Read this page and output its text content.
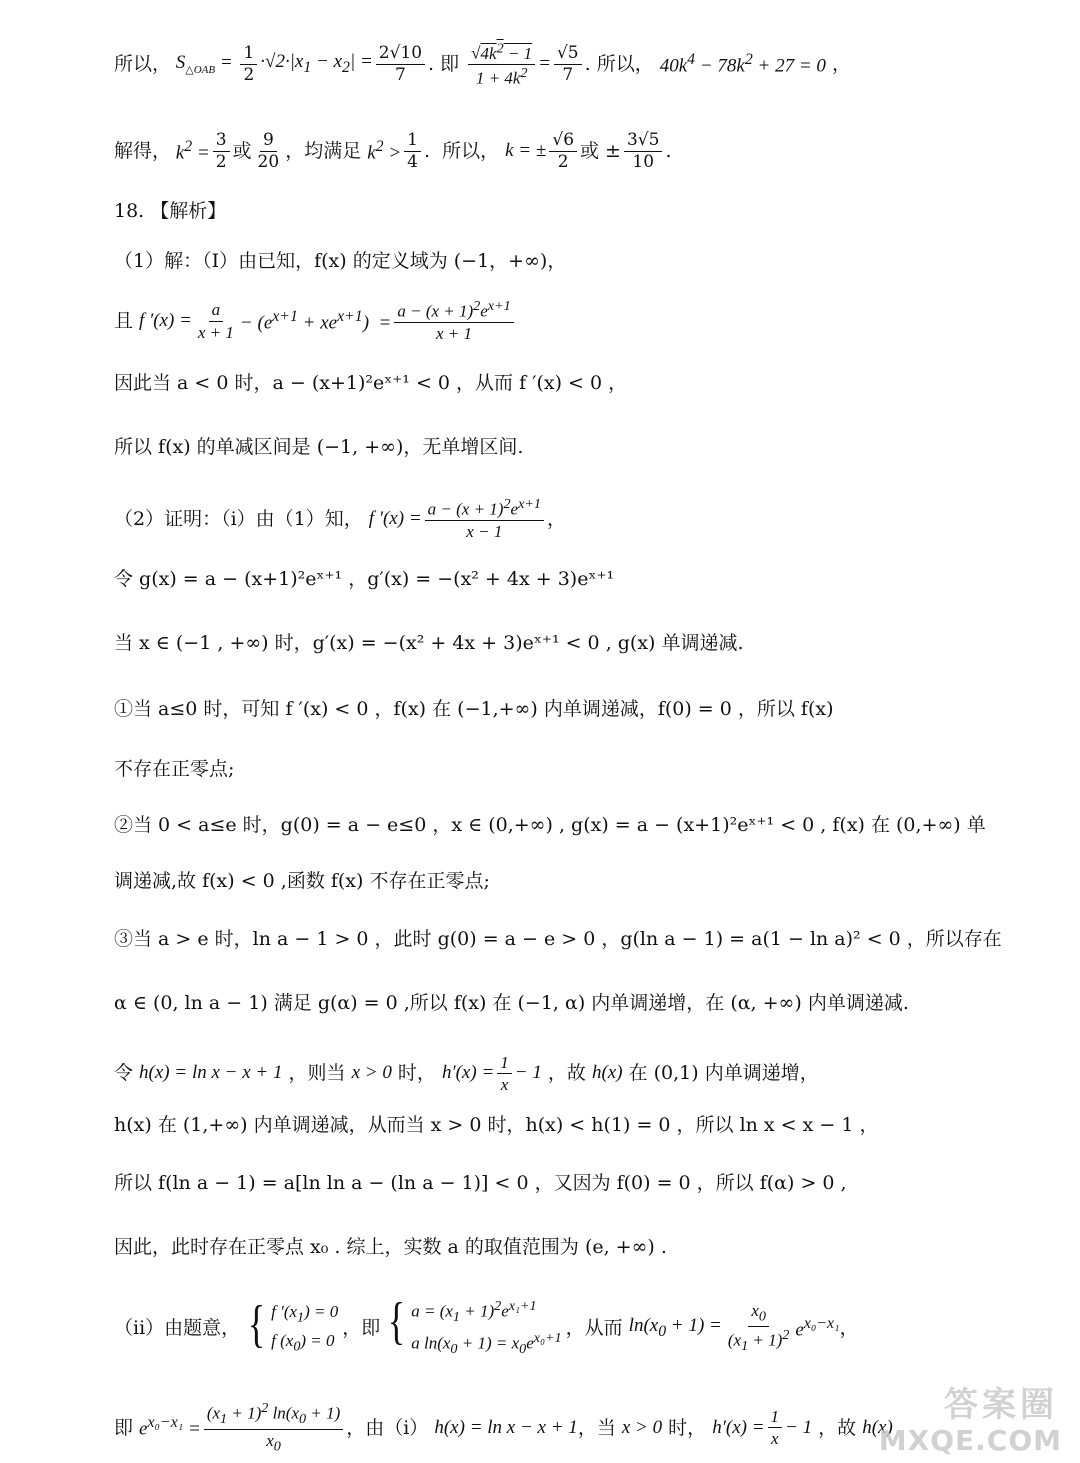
所以， $S_{\triangle OAB} = \frac{1}{2} \cdot√2\cdot|x_1 - x_2| = \frac{2√10}{7}$ . 即 $\frac{√4k^2 - 1}{1 + 4k^2} = \frac{√5}{7}$ . 所以， $40k^4 - 78k^2 + 27 = 0$ ，
解得， $k^2 = \frac{3}{2}$ 或 $\frac{9}{20}$ ，均满足 $k^2 > \frac{1}{4}$ .  所以， k = ± $\frac{√6}{2}$ 或 ± $\frac{3√5}{10}$ .
18. 【解析】
（1）解：（I）由已知，f(x) 的定义域为 (−1，+∞)，
且 f $'(x) = \frac{a}{x + 1} - (e^{x+1} + xe^{x+1}) = \frac{a - (x + 1)^2e^{x+1}}{x + 1}$
因此当 a < 0 时，a − (x+1)²eˣ⁺¹ < 0 ，从而 f ′(x) < 0 ，
所以 f(x) 的单减区间是 (−1, +∞)，无单增区间.
（2）证明：（i）由（1）知， f $'(x) = \frac{a - (x + 1)^2e^{x+1}}{x - 1}$ ，
令 g(x) = a − (x+1)²eˣ⁺¹ ，g′(x) = −(x² + 4x + 3)eˣ⁺¹
当 x ∈ (−1 , +∞) 时，g′(x) = −(x² + 4x + 3)eˣ⁺¹ < 0 , g(x) 单调递减.
①当 a≤0 时，可知 f ′(x) < 0 ，f(x) 在 (−1,+∞) 内单调递减，f(0) = 0 ，所以 f(x)
不存在正零点;
②当 0 < a≤e 时，g(0) = a − e≤0 ，x ∈ (0,+∞) , g(x) = a − (x+1)²eˣ⁺¹ < 0 , f(x) 在 (0,+∞) 单
调递减,故 f(x) < 0 ,函数 f(x) 不存在正零点;
③当 a > e 时，ln a − 1 > 0 ，此时 g(0) = a − e > 0 ，g(ln a − 1) = a(1 − ln a)² < 0 ，所以存在
α ∈ (0, ln a − 1) 满足 g(α) = 0 ,所以 f(x) 在 (−1, α) 内单调递增，在 (α, +∞) 内单调递减.
令 h(x) = ln x − x + 1 ，则当 x > 0 时， $h'(x) = \frac{1}{x} - 1$ ，故 h(x) 在 (0,1) 内单调递增，
h(x) 在 (1,+∞) 内单调递减，从而当 x > 0 时，h(x) < h(1) = 0 ，所以 ln x < x − 1 ，
所以 f(ln a − 1) = a[ln ln a − (ln a − 1)] < 0 ，又因为 f(0) = 0 ，所以 f(α) > 0 ,
因此，此时存在正零点 x₀ . 综上，实数 a 的取值范围为 (e, +∞) .
（ii）由题意， { f $'(x_1) = 0$
f $(x_0) = 0$
，即 { $a = (x_1 + 1)^2e^{x_1+1}$
a $\ln(x_0 + 1) = x_0e^{x_0+1}$ ，从而 $\ln(x_0 + 1) = \frac{x_0}{(x_1 + 1)^2} e^{x_0-x_1}$ ，
即 $e^{x_0-x_1} = \frac{(x_1 + 1)^2 \ln(x_0 + 1)}{x_0}$ ，由（i） h(x) = ln x − x + 1 ，当 x > 0 时， $h'(x) = \frac{1}{x} - 1$ ，故 h(x)
答案圈
MXQE.COM
